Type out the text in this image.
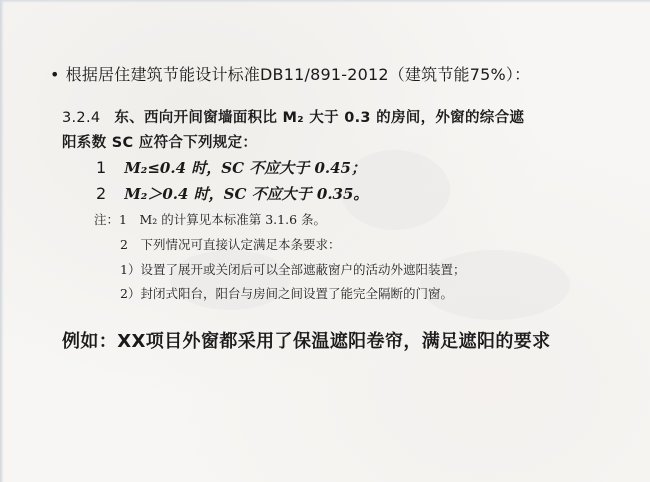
• 根据居住建筑节能设计标准DB11/891-2012（建筑节能75%）：
3.2.4 东、西向开间窗墙面积比 M₂ 大于 0.3 的房间，外窗的综合遮
阳系数 SC 应符合下列规定：
1 M₂≤0.4 时，SC 不应大于 0.45；
2 M₂＞0.4 时，SC 不应大于 0.35。
注：1　M₂ 的计算见本标准第 3.1.6 条。
2　下列情况可直接认定满足本条要求：
1）设置了展开或关闭后可以全部遮蔽窗户的活动外遮阳装置；
2）封闭式阳台，阳台与房间之间设置了能完全隔断的门窗。
例如：XX项目外窗都采用了保温遮阳卷帘，满足遮阳的要求
